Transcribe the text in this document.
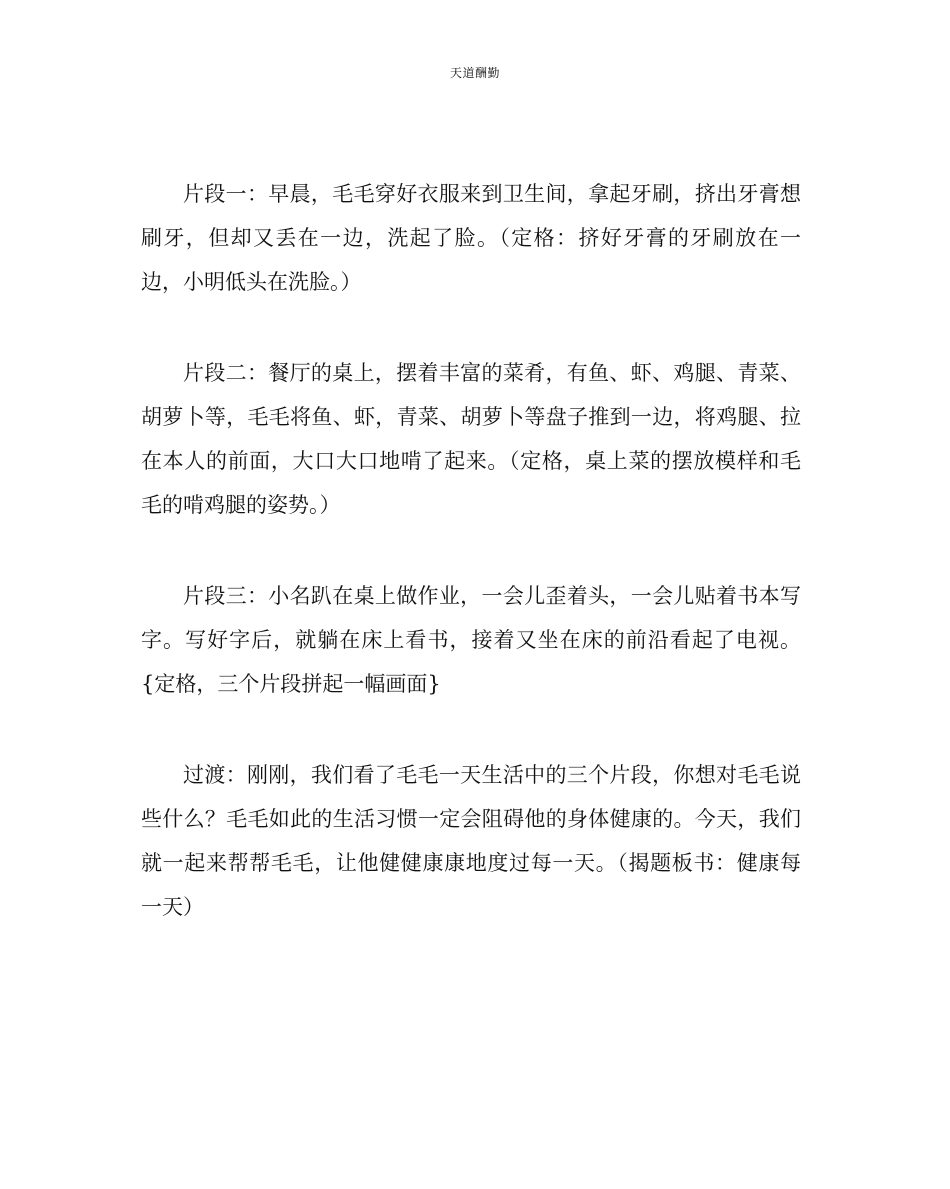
天道酬勤

片段一：早晨，毛毛穿好衣服来到卫生间，拿起牙刷，挤出牙膏想刷牙，但却又丢在一边，洗起了脸。（定格：挤好牙膏的牙刷放在一边，小明低头在洗脸。）

片段二：餐厅的桌上，摆着丰富的菜肴，有鱼、虾、鸡腿、青菜、胡萝卜等，毛毛将鱼、虾，青菜、胡萝卜等盘子推到一边，将鸡腿、拉在本人的前面，大口大口地啃了起来。（定格，桌上菜的摆放模样和毛毛的啃鸡腿的姿势。）

片段三：小名趴在桌上做作业，一会儿歪着头，一会儿贴着书本写字。写好字后，就躺在床上看书，接着又坐在床的前沿看起了电视。{定格，三个片段拼起一幅画面}

过渡：刚刚，我们看了毛毛一天生活中的三个片段，你想对毛毛说些什么？毛毛如此的生活习惯一定会阻碍他的身体健康的。今天，我们就一起来帮帮毛毛，让他健健康康地度过每一天。（揭题板书：健康每一天）
